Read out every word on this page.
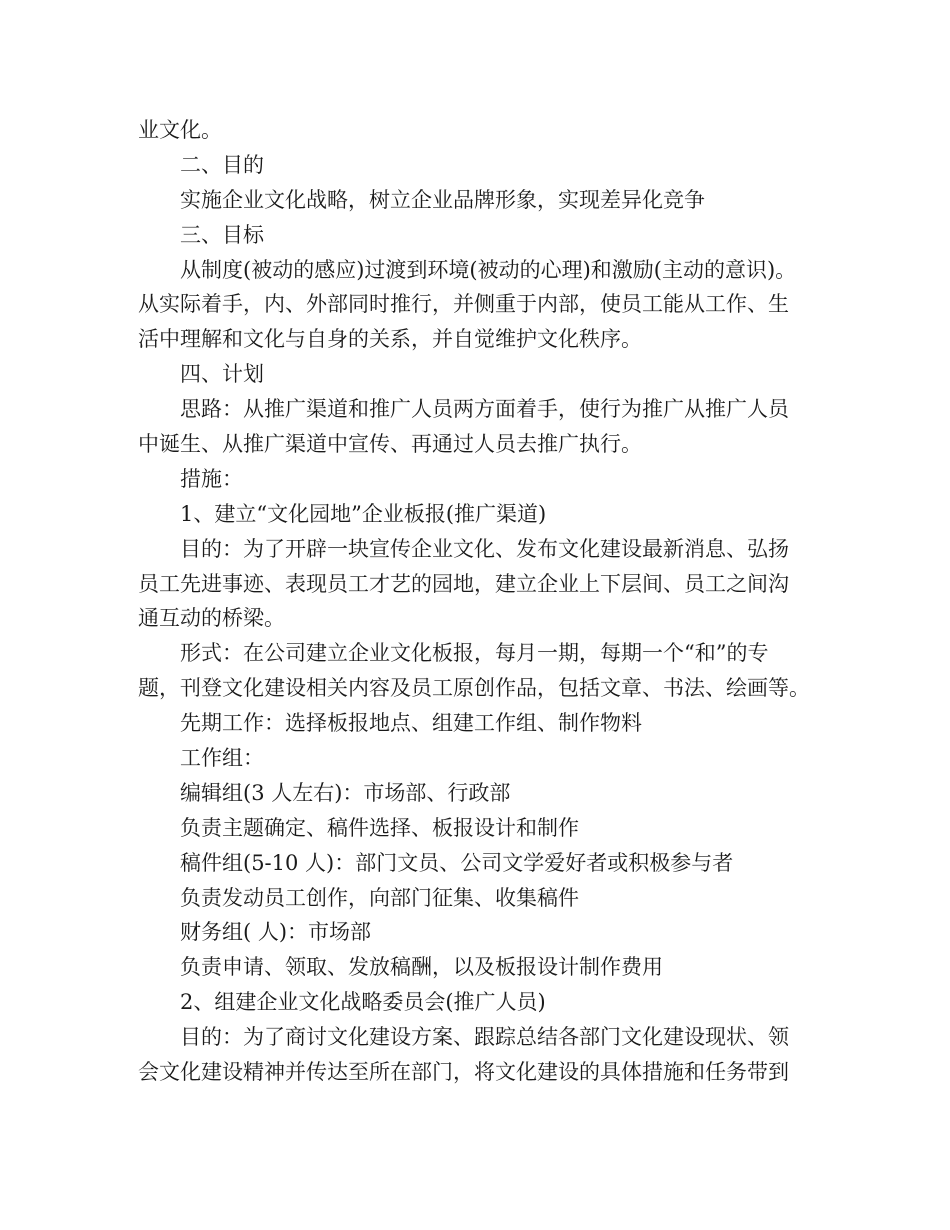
业文化。
二、目的
实施企业文化战略，树立企业品牌形象，实现差异化竞争
三、目标
从制度(被动的感应)过渡到环境(被动的心理)和激励(主动的意识)。
从实际着手，内、外部同时推行，并侧重于内部，使员工能从工作、生
活中理解和文化与自身的关系，并自觉维护文化秩序。
四、计划
思路：从推广渠道和推广人员两方面着手，使行为推广从推广人员
中诞生、从推广渠道中宣传、再通过人员去推广执行。
措施：
1、建立“文化园地”企业板报(推广渠道)
目的：为了开辟一块宣传企业文化、发布文化建设最新消息、弘扬
员工先进事迹、表现员工才艺的园地，建立企业上下层间、员工之间沟
通互动的桥梁。
形式：在公司建立企业文化板报，每月一期，每期一个“和”的专
题，刊登文化建设相关内容及员工原创作品，包括文章、书法、绘画等。
先期工作：选择板报地点、组建工作组、制作物料
工作组：
编辑组(3 人左右)：市场部、行政部
负责主题确定、稿件选择、板报设计和制作
稿件组(5-10 人)：部门文员、公司文学爱好者或积极参与者
负责发动员工创作，向部门征集、收集稿件
财务组( 人)：市场部
负责申请、领取、发放稿酬，以及板报设计制作费用
2、组建企业文化战略委员会(推广人员)
目的：为了商讨文化建设方案、跟踪总结各部门文化建设现状、领
会文化建设精神并传达至所在部门，将文化建设的具体措施和任务带到
